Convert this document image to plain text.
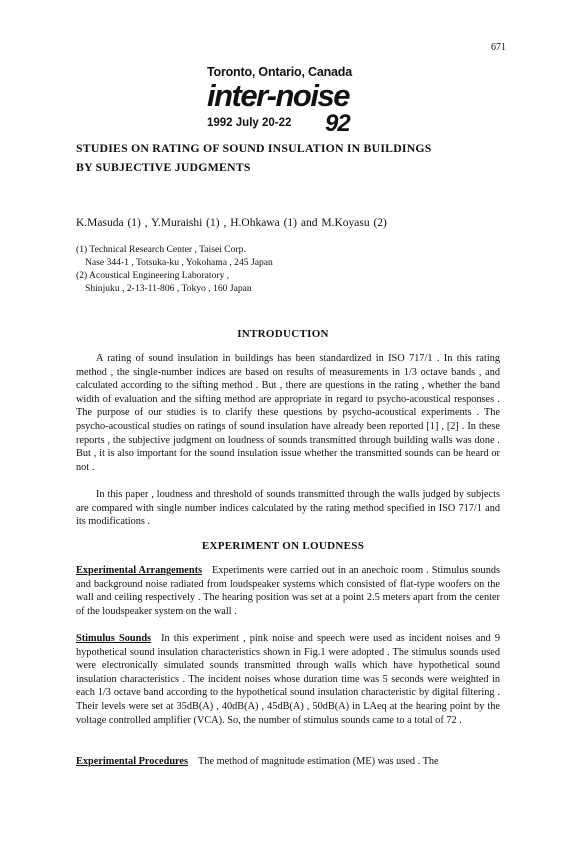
671
Toronto, Ontario, Canada
inter-noise
1992 July 20-22 92
STUDIES ON RATING OF SOUND INSULATION IN BUILDINGS
BY SUBJECTIVE JUDGMENTS
K.Masuda (1) , Y.Muraishi (1) , H.Ohkawa (1) and M.Koyasu (2)
(1) Technical Research Center , Taisei Corp.
Nase 344-1 , Totsuka-ku , Yokohama , 245 Japan
(2) Acoustical Engineering Laboratory ,
Shinjuku , 2-13-11-806 , Tokyo , 160 Japan
INTRODUCTION
A rating of sound insulation in buildings has been standardized in ISO 717/1 . In this rating method , the single-number indices are based on results of measurements in 1/3 octave bands , and calculated according to the sifting method . But , there are questions in the rating , whether the band width of evaluation and the sifting method are appropriate in regard to psycho-acoustical responses . The purpose of our studies is to clarify these questions by psycho-acoustical experiments . The psycho-acoustical studies on ratings of sound insulation have already been reported [1] , [2] . In these reports , the subjective judgment on loudness of sounds transmitted through building walls was done . But , it is also important for the sound insulation issue whether the transmitted sounds can be heard or not .
In this paper , loudness and threshold of sounds transmitted through the walls judged by subjects are compared with single number indices calculated by the rating method specified in ISO 717/1 and its modifications .
EXPERIMENT ON LOUDNESS

Experimental Arrangements Experiments were carried out in an anechoic room . Stimulus sounds and background noise radiated from loudspeaker systems which consisted of flat-type woofers on the wall and ceiling respectively . The hearing position was set at a point 2.5 meters apart from the center of the loudspeaker system on the wall .

Stimulus Sounds In this experiment , pink noise and speech were used as incident noises and 9 hypothetical sound insulation characteristics shown in Fig.1 were adopted . The stimulus sounds used were electronically simulated sounds transmitted through walls which have hypothetical sound insulation characteristics . The incident noises whose duration time was 5 seconds were weighted in each 1/3 octave band according to the hypothetical sound insulation characteristic by digital filtering . Their levels were set at 35dB(A) , 40dB(A) , 45dB(A) , 50dB(A) in LAeq at the hearing point by the voltage controlled amplifier (VCA). So, the number of stimulus sounds came to a total of 72 .

Experimental Procedures The method of magnitude estimation (ME) was used . The
